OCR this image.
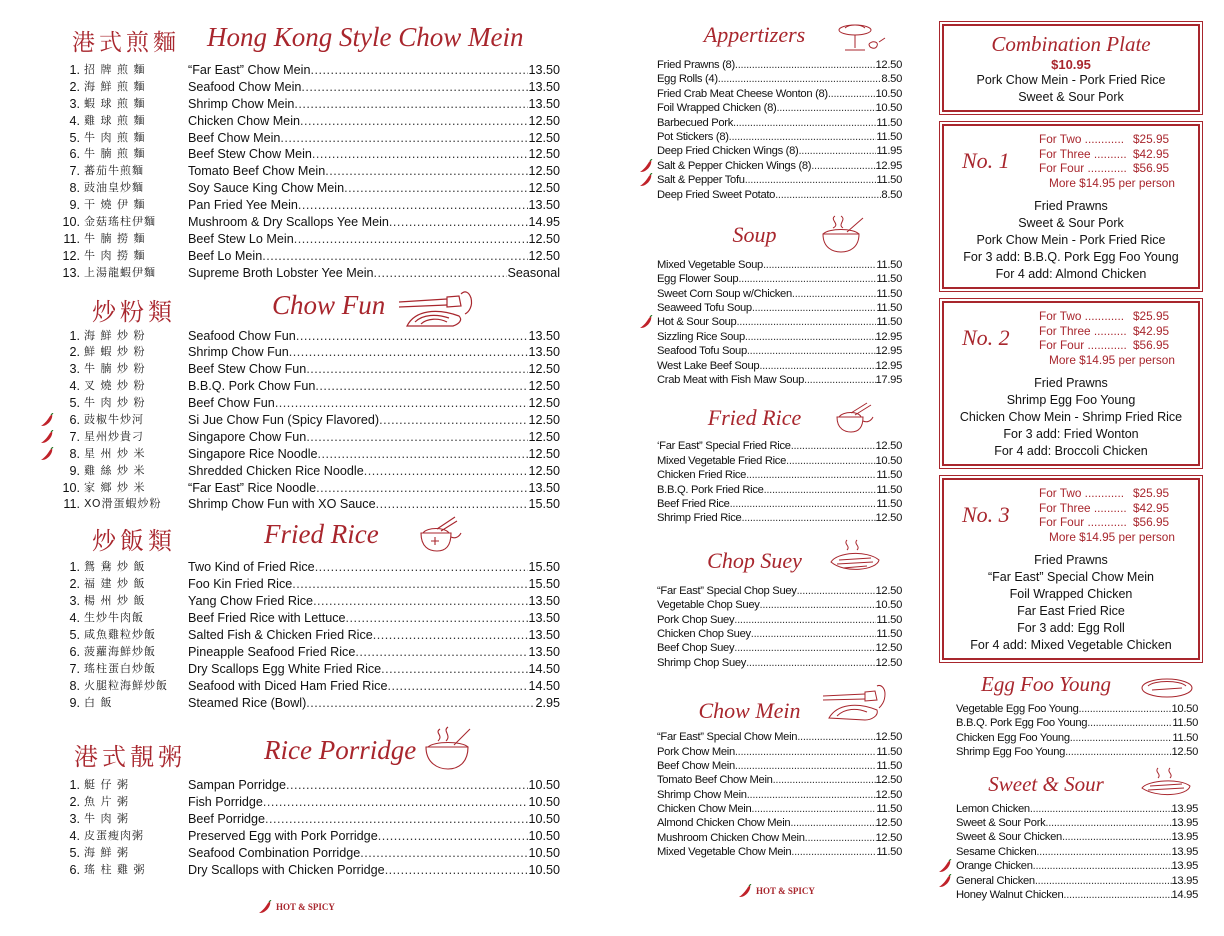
港式煎麵 Hong Kong Style Chow Mein
1. 招 牌 煎 麵	“Far East” Chow Mein .....	13.50
2. 海 鮮 煎 麵	Seafood Chow Mein .....	13.50
3. 蝦 球 煎 麵	Shrimp Chow Mein .....	13.50
4. 雞 球 煎 麵	Chicken Chow Mein .....	12.50
5. 牛 肉 煎 麵	Beef Chow Mein .....	12.50
6. 牛 腩 煎 麵	Beef Stew Chow Mein .....	12.50
7. 蕃茄牛煎麵	Tomato Beef Chow Mein .....	12.50
8. 豉油皇炒麵	Soy Sauce King Chow Mein .....	12.50
9. 干 燒 伊 麵	Pan Fried Yee Mein .....	13.50
10. 金菇瑤柱伊麵	Mushroom & Dry Scallops Yee Mein .....	14.95
11. 牛 腩 撈 麵	Beef Stew Lo Mein .....	12.50
12. 牛 肉 撈 麵	Beef Lo Mein .....	12.50
13. 上湯龍蝦伊麵	Supreme Broth Lobster Yee Mein .....	Seasonal
炒粉類	Chow Fun
1. 海 鮮 炒 粉	Seafood Chow Fun .....	13.50
2. 鮮 蝦 炒 粉	Shrimp Chow Fun .....	13.50
3. 牛 腩 炒 粉	Beef Stew Chow Fun .....	12.50
4. 叉 燒 炒 粉	B.B.Q. Pork Chow Fun .....	12.50
5. 牛 肉 炒 粉	Beef Chow Fun .....	12.50
6. 豉椒牛炒河	Si Jue Chow Fun (Spicy Flavored) .....	12.50
7. 星州炒貴刁	Singapore Chow Fun .....	12.50
8. 星 州 炒 米	Singapore Rice Noodle .....	12.50
9. 雞 絲 炒 米	Shredded Chicken Rice Noodle .....	12.50
10. 家 鄉 炒 米	“Far East” Rice Noodle .....	13.50
11. XO滑蛋蝦炒粉	Shrimp Chow Fun with XO Sauce .....	15.50
炒飯類	Fried Rice
1. 鴛 鴦 炒 飯	Two Kind of Fried Rice .....	15.50
2. 福 建 炒 飯	Foo Kin Fried Rice .....	15.50
3. 楊 州 炒 飯	Yang Chow Fried Rice .....	13.50
4. 生炒牛肉飯	Beef Fried Rice with Lettuce .....	13.50
5. 咸魚雞粒炒飯	Salted Fish & Chicken Fried Rice .....	13.50
6. 菠蘿海鮮炒飯	Pineapple Seafood Fried Rice .....	13.50
7. 瑤柱蛋白炒飯	Dry Scallops Egg White Fried Rice .....	14.50
8. 火腿粒海鮮炒飯	Seafood with Diced Ham Fried Rice .....	14.50
9. 白 飯	Steamed Rice (Bowl) .....	2.95
港式靚粥	Rice Porridge
1. 艇 仔 粥	Sampan Porridge .....	10.50
2. 魚 片 粥	Fish Porridge .....	10.50
3. 牛 肉 粥	Beef Porridge .....	10.50
4. 皮蛋瘦肉粥	Preserved Egg with Pork Porridge .....	10.50
5. 海 鮮 粥	Seafood Combination Porridge .....	10.50
6. 瑤 柱 雞 粥	Dry Scallops with Chicken Porridge .....	10.50
HOT & SPICY
Appertizers
Fried Prawns (8) .....	12.50
Egg Rolls (4) .....	8.50
Fried Crab Meat Cheese Wonton (8) .....	10.50
Foil Wrapped Chicken (8) .....	10.50
Barbecued Pork .....	11.50
Pot Stickers (8) .....	11.50
Deep Fried Chicken Wings (8) .....	11.95
Salt & Pepper Chicken Wings (8) .....	12.95
Salt & Pepper Tofu .....	11.50
Deep Fried Sweet Potato .....	8.50
Soup
Mixed Vegetable Soup .....	11.50
Egg Flower Soup .....	11.50
Sweet Corn Soup w/Chicken .....	11.50
Seaweed Tofu Soup .....	11.50
Hot & Sour Soup .....	11.50
Sizzling Rice Soup .....	12.95
Seafood Tofu Soup .....	12.95
West Lake Beef Soup .....	12.95
Crab Meat with Fish Maw Soup .....	17.95
Fried Rice
‘Far East” Special Fried Rice .....	12.50
Mixed Vegetable Fried Rice .....	10.50
Chicken Fried Rice .....	11.50
B.B.Q. Pork Fried Rice .....	11.50
Beef Fried Rice .....	11.50
Shrimp Fried Rice .....	12.50
Chop Suey
“Far East” Special Chop Suey .....	12.50
Vegetable Chop Suey .....	10.50
Pork Chop Suey .....	11.50
Chicken Chop Suey .....	11.50
Beef Chop Suey .....	12.50
Shrimp Chop Suey .....	12.50
Chow Mein
“Far East” Special Chow Mein .....	12.50
Pork Chow Mein .....	11.50
Beef Chow Mein .....	11.50
Tomato Beef Chow Mein .....	12.50
Shrimp Chow Mein .....	12.50
Chicken Chow Mein .....	11.50
Almond Chicken Chow Mein .....	12.50
Mushroom Chicken Chow Mein .....	12.50
Mixed Vegetable Chow Mein .....	11.50
HOT & SPICY
Combination Plate
$10.95
Pork Chow Mein - Pork Fried Rice
Sweet & Sour Pork
No. 1
For Two ............ $25.95
For Three .......... $42.95
For Four ............ $56.95
More $14.95 per person
Fried Prawns
Sweet & Sour Pork
Pork Chow Mein - Pork Fried Rice
For 3 add: B.B.Q. Pork Egg Foo Young
For 4 add: Almond Chicken
No. 2
For Two ............ $25.95
For Three .......... $42.95
For Four ............ $56.95
More $14.95 per person
Fried Prawns
Shrimp Egg Foo Young
Chicken Chow Mein - Shrimp Fried Rice
For 3 add: Fried Wonton
For 4 add: Broccoli Chicken
No. 3
For Two ............ $25.95
For Three .......... $42.95
For Four ............ $56.95
More $14.95 per person
Fried Prawns
“Far East” Special Chow Mein
Foil Wrapped Chicken
Far East Fried Rice
For 3 add: Egg Roll
For 4 add: Mixed Vegetable Chicken
Egg Foo Young
Vegetable Egg Foo Young .....	10.50
B.B.Q. Pork Egg Foo Young .....	11.50
Chicken Egg Foo Young .....	11.50
Shrimp Egg Foo Young .....	12.50
Sweet & Sour
Lemon Chicken .....	13.95
Sweet & Sour Pork .....	13.95
Sweet & Sour Chicken .....	13.95
Sesame Chicken .....	13.95
Orange Chicken .....	13.95
General Chicken .....	13.95
Honey Walnut Chicken .....	14.95
